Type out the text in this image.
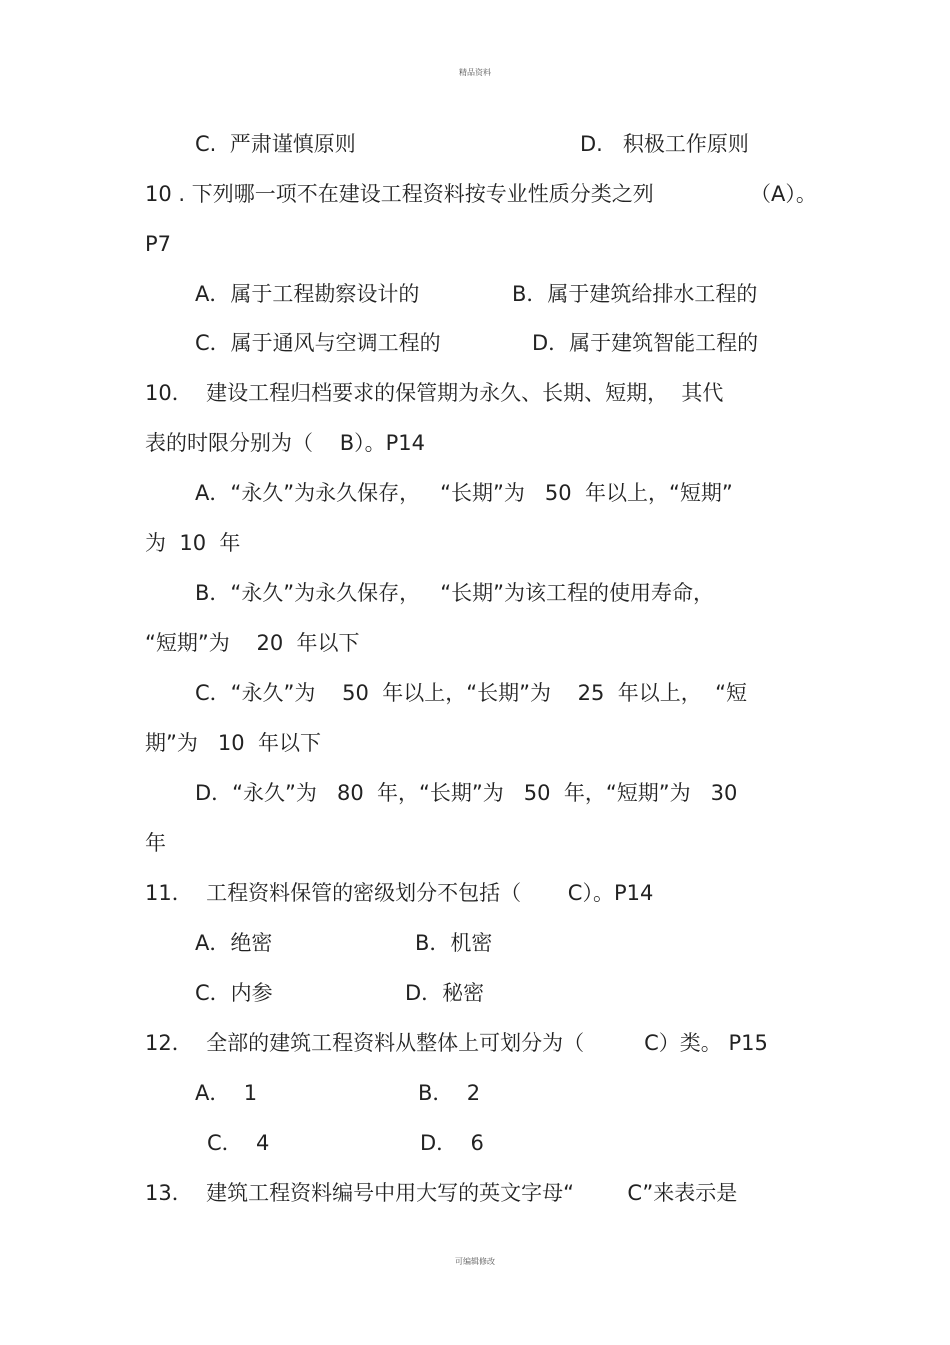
精品资料
C.  严肃谨慎原则	D.   积极工作原则
10 . 下列哪一项不在建设工程资料按专业性质分类之列	（A）。
P7
A．属于工程勘察设计的	B．属于建筑给排水工程的
C．属于通风与空调工程的	D．属于建筑智能工程的
10．  建设工程归档要求的保管期为永久、长期、短期，  其代
表的时限分别为（    B）。P14
A．“永久”为永久保存，   “长期”为   50  年以上，“短期”
为  10  年
B．“永久”为永久保存，   “长期”为该工程的使用寿命，
“短期”为    20  年以下
C．“永久”为    50  年以上，“长期”为    25  年以上，  “短
期”为   10  年以下
D．“永久”为   80  年，“长期”为   50  年，“短期”为   30
年
11．  工程资料保管的密级划分不包括（       C）。P14
A．绝密	B．机密
C．内参	D．秘密
12．  全部的建筑工程资料从整体上可划分为（         C）类。 P15
A．  1	B．  2
C．  4	D．  6
13．  建筑工程资料编号中用大写的英文字母“        C”来表示是
可编辑修改
